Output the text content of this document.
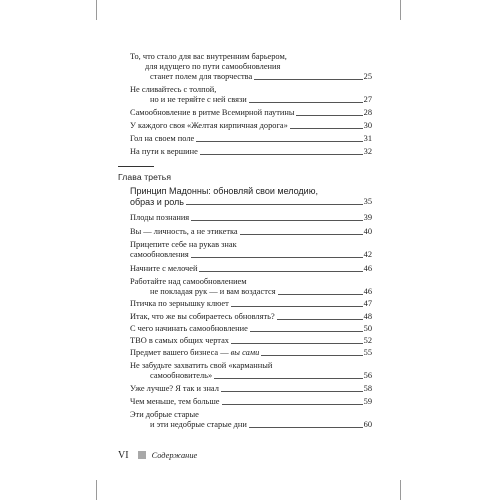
То, что стало для вас внутренним барьером,
для идущего по пути самообновления
станет полем для творчества	25
Не сливайтесь с толпой,
но и не теряйте с ней связи	27
Самообновление в ритме Всемирной паутины	28
У каждого своя «Желтая кирпичная дорога»	30
Гол на своем поле	31
На пути к вершине	32
Принцип Мадонны: обновляй свои мелодию,
образ и роль	35
Плоды познания	39
Вы — личность, а не этикетка	40
Прицепите себе на рукав знак
самообновления	42
Начните с мелочей	46
Работайте над самообновлением
не покладая рук — и вам воздастся	46
Птичка по зернышку клюет	47
Итак, что же вы собираетесь обновлять?	48
С чего начинать самообновление	50
ТВО в самых общих чертах	52
Предмет вашего бизнеса — вы сами	55
Не забудьте захватить свой «карманный
самообновитель»	56
Уже лучше? Я так и знал	58
Чем меньше, тем больше	59
Эти добрые старые
и эти недобрые старые дни	60
Глава третья
VI	Содержание
